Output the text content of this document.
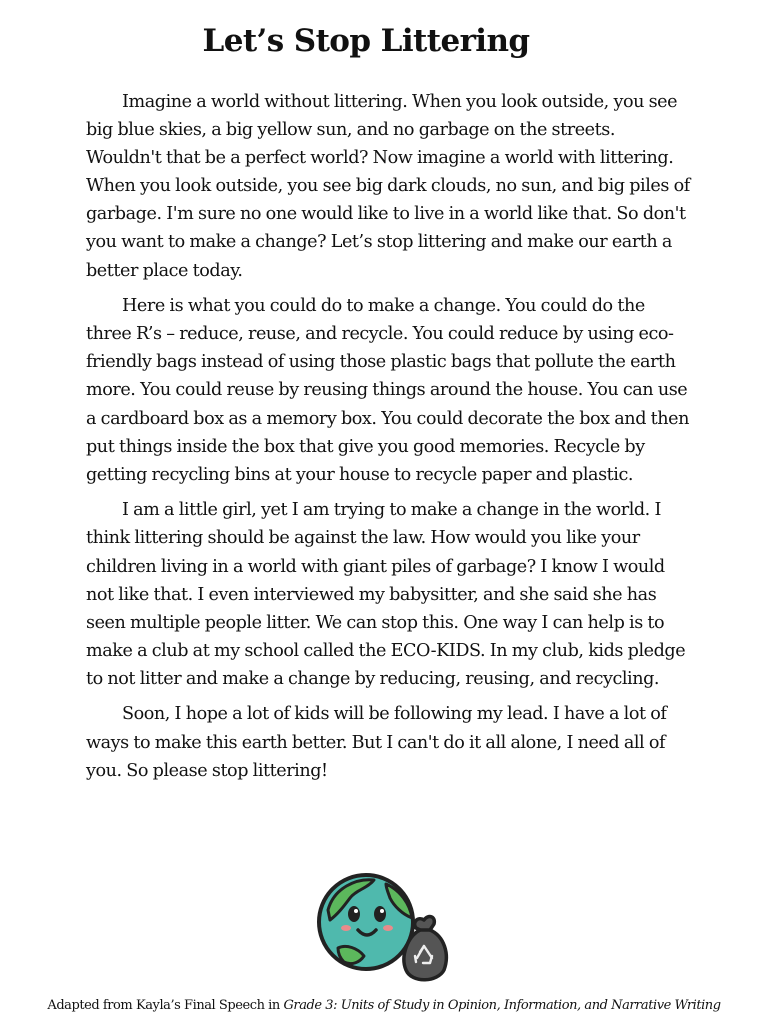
Let’s Stop Littering

Imagine a world without littering. When you look outside, you see big blue skies, a big yellow sun, and no garbage on the streets. Wouldn't that be a perfect world? Now imagine a world with littering. When you look outside, you see big dark clouds, no sun, and big piles of garbage. I'm sure no one would like to live in a world like that. So don't you want to make a change? Let’s stop littering and make our earth a better place today.

Here is what you could do to make a change. You could do the three R’s – reduce, reuse, and recycle. You could reduce by using eco-friendly bags instead of using those plastic bags that pollute the earth more. You could reuse by reusing things around the house. You can use a cardboard box as a memory box. You could decorate the box and then put things inside the box that give you good memories. Recycle by getting recycling bins at your house to recycle paper and plastic.

I am a little girl, yet I am trying to make a change in the world. I think littering should be against the law. How would you like your children living in a world with giant piles of garbage? I know I would not like that. I even interviewed my babysitter, and she said she has seen multiple people litter. We can stop this. One way I can help is to make a club at my school called the ECO-KIDS. In my club, kids pledge to not litter and make a change by reducing, reusing, and recycling.

Soon, I hope a lot of kids will be following my lead. I have a lot of ways to make this earth better. But I can't do it all alone, I need all of you. So please stop littering!

Adapted from Kayla’s Final Speech in Grade 3: Units of Study in Opinion, Information, and Narrative Writing
